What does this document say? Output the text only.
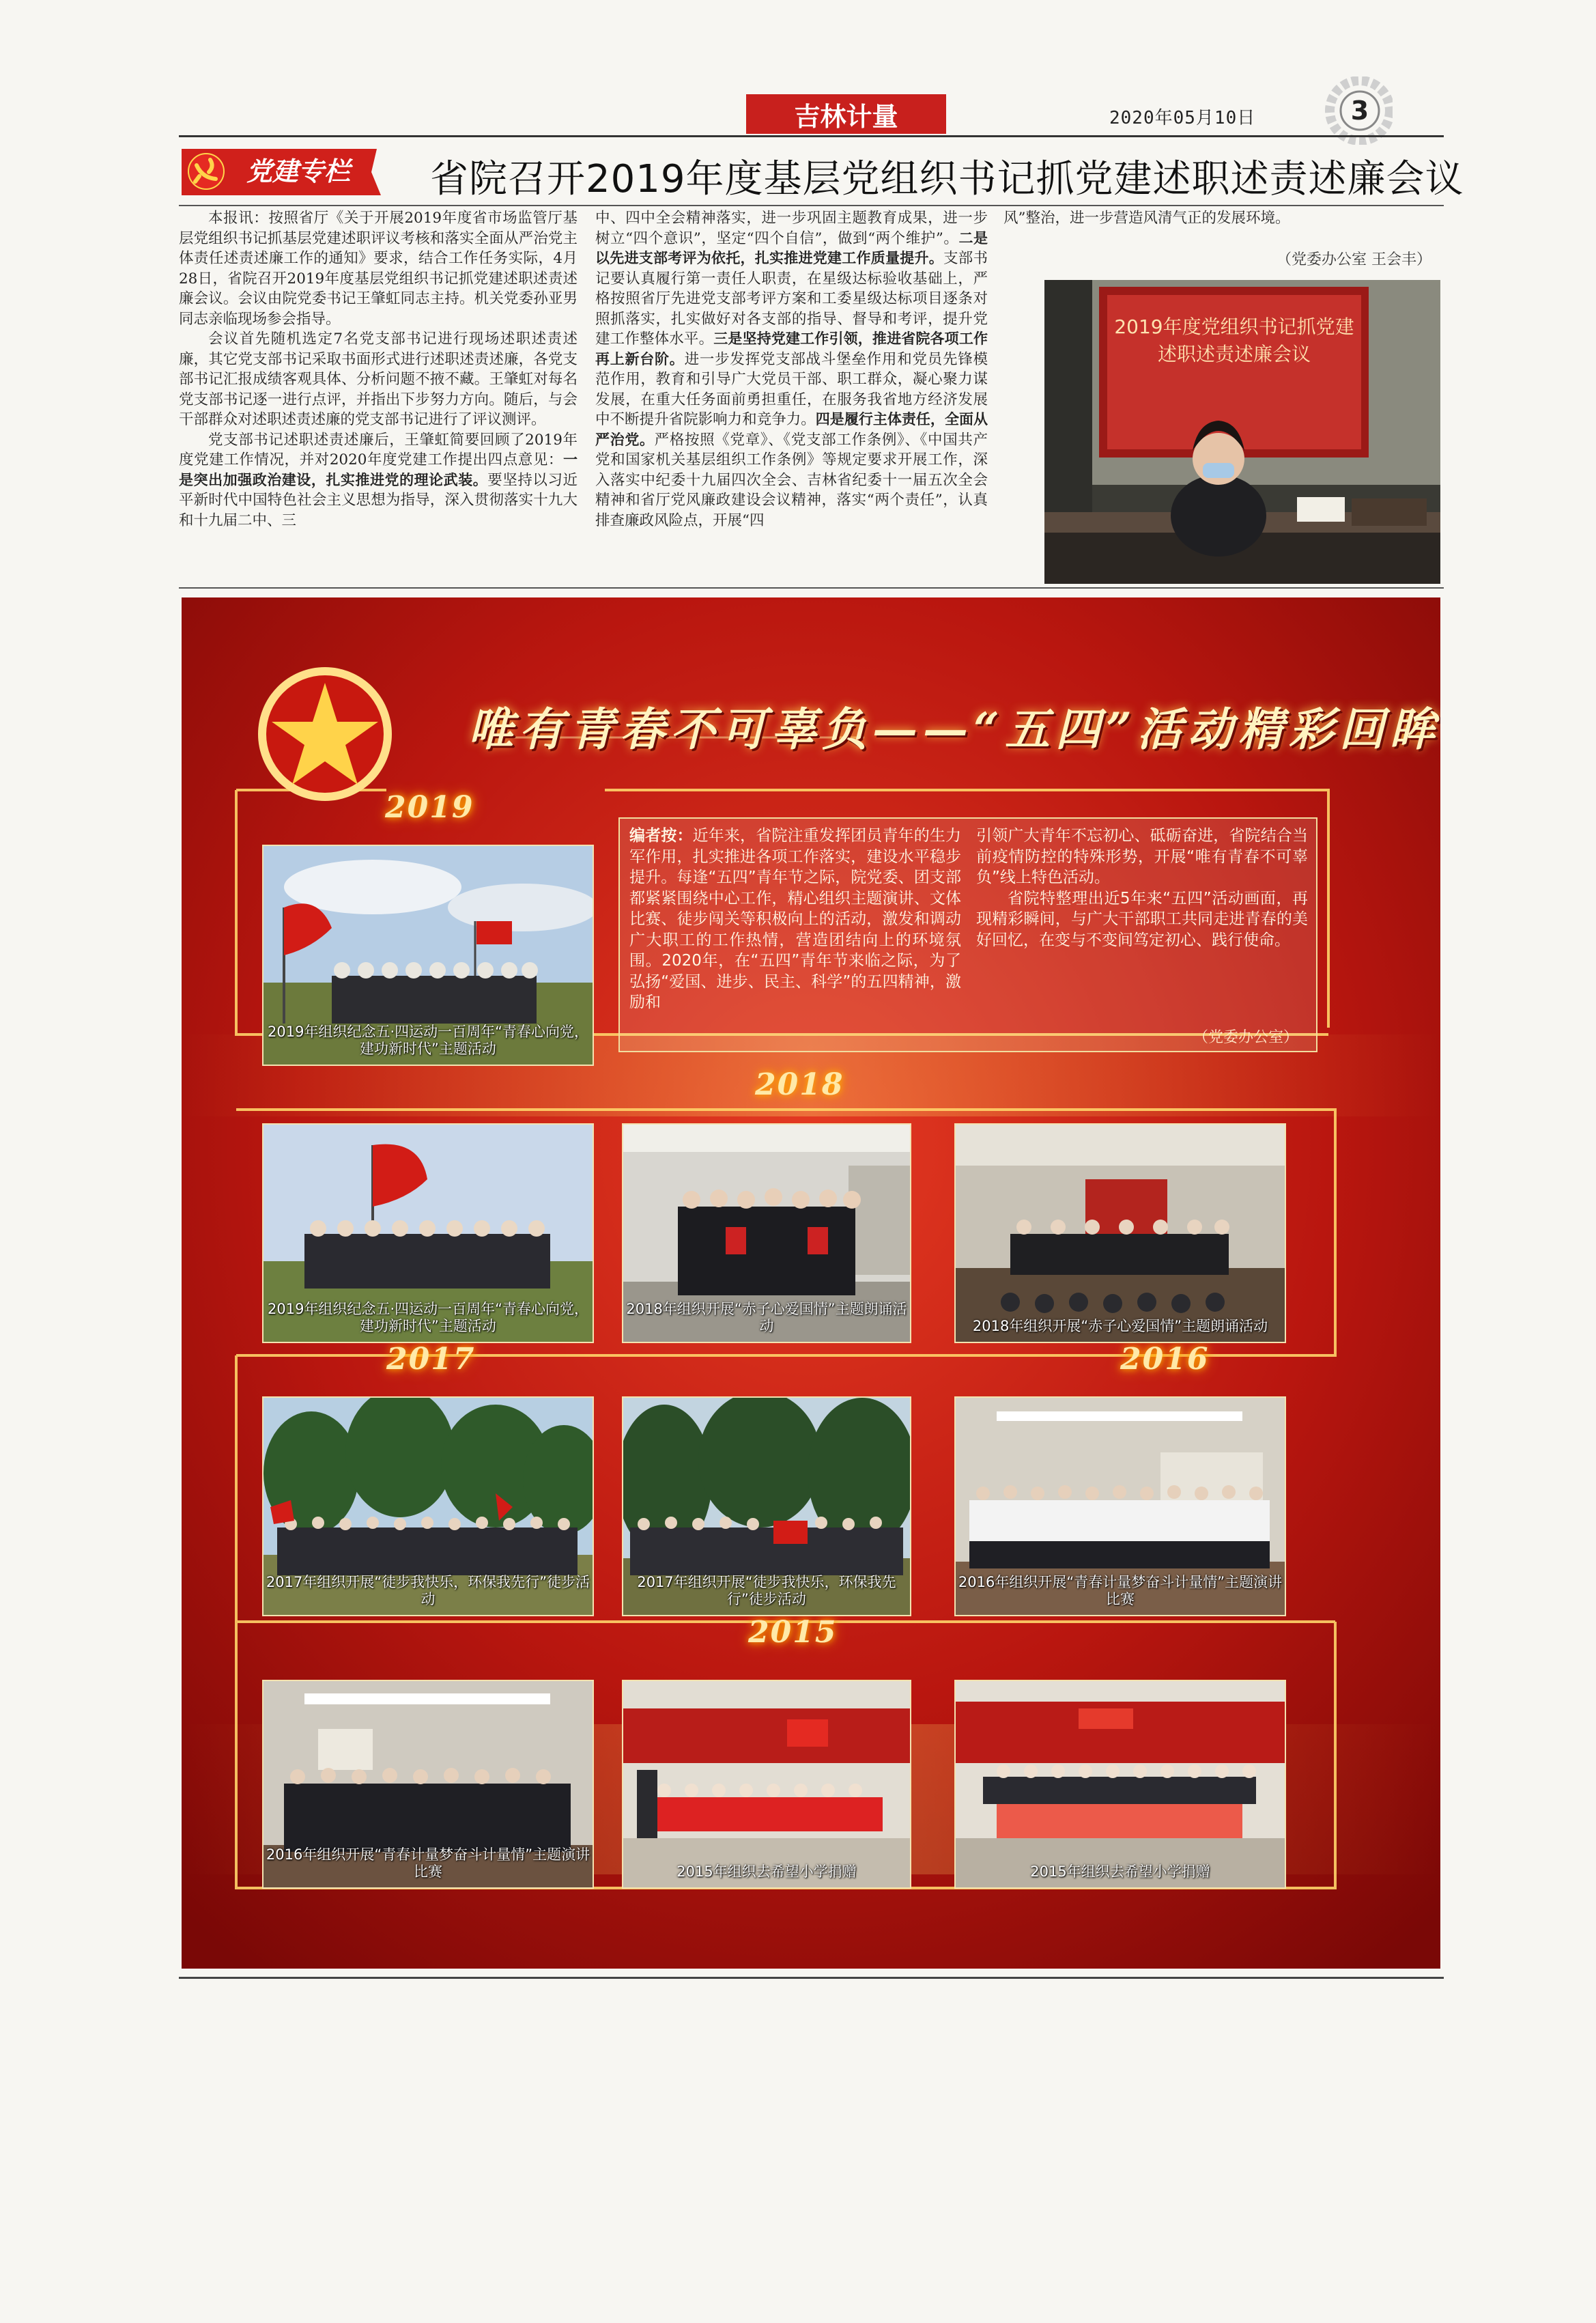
吉林计量	2020年05月10日	3
党建专栏 省院召开2019年度基层党组织书记抓党建述职述责述廉会议

本报讯：按照省厅《关于开展2019年度省市场监管厅基层党组织书记抓基层党建述职评议考核和落实全面从严治党主体责任述责述廉工作的通知》要求，结合工作任务实际，4月28日，省院召开2019年度基层党组织书记抓党建述职述责述廉会议。会议由院党委书记王肇虹同志主持。机关党委孙亚男同志亲临现场参会指导。

会议首先随机选定7名党支部书记进行现场述职述责述廉，其它党支部书记采取书面形式进行述职述责述廉，各党支部书记汇报成绩客观具体、分析问题不掖不藏。王肇虹对每名党支部书记逐一进行点评，并指出下步努力方向。随后，与会干部群众对述职述责述廉的党支部书记进行了评议测评。

党支部书记述职述责述廉后，王肇虹简要回顾了2019年度党建工作情况，并对2020年度党建工作提出四点意见：一是突出加强政治建设，扎实推进党的理论武装。要坚持以习近平新时代中国特色社会主义思想为指导，深入贯彻落实十九大和十九届二中、三

中、四中全会精神落实，进一步巩固主题教育成果，进一步树立“四个意识”，坚定“四个自信”，做到“两个维护”。二是以先进支部考评为依托，扎实推进党建工作质量提升。支部书记要认真履行第一责任人职责，在星级达标验收基础上，严格按照省厅先进党支部考评方案和工委星级达标项目逐条对照抓落实，扎实做好对各支部的指导、督导和考评，提升党建工作整体水平。三是坚持党建工作引领，推进省院各项工作再上新台阶。进一步发挥党支部战斗堡垒作用和党员先锋模范作用，教育和引导广大党员干部、职工群众，凝心聚力谋发展，在重大任务面前勇担重任，在服务我省地方经济发展中不断提升省院影响力和竞争力。四是履行主体责任，全面从严治党。严格按照《党章》、《党支部工作条例》、《中国共产党和国家机关基层组织工作条例》等规定要求开展工作，深入落实中纪委十九届四次全会、吉林省纪委十一届五次全会精神和省厅党风廉政建设会议精神，落实“两个责任”，认真排查廉政风险点，开展“四

风”整治，进一步营造风清气正的发展环境。

（党委办公室 王会丰）
2019年度党组织书记抓党建
述职述责述廉会议
唯有青春不可辜负——“五四”活动精彩回眸
2019
2018
2017	2016
2015

编者按：近年来，省院注重发挥团员青年的生力军作用，扎实推进各项工作落实，建设水平稳步提升。每逢“五四”青年节之际，院党委、团支部都紧紧围绕中心工作，精心组织主题演讲、文体比赛、徒步闯关等积极向上的活动，激发和调动广大职工的工作热情，营造团结向上的环境氛围。2020年，在“五四”青年节来临之际，为了弘扬“爱国、进步、民主、科学”的五四精神，激励和

引领广大青年不忘初心、砥砺奋进，省院结合当前疫情防控的特殊形势，开展“唯有青春不可辜负”线上特色活动。

省院特整理出近5年来“五四”活动画面，再现精彩瞬间，与广大干部职工共同走进青春的美好回忆，在变与不变间笃定初心、践行使命。

（党委办公室）
2019年组织纪念五·四运动一百周年“青春心向党，建功新时代”主题活动
2019年组织纪念五·四运动一百周年“青春心向党，建功新时代”主题活动
2018年组织开展“赤子心爱国情”主题朗诵活动	2018年组织开展“赤子心爱国情”主题朗诵活动
2017年组织开展“徒步我快乐，环保我先行”徒步活动
2017年组织开展“徒步我快乐，环保我先行”徒步活动
2016年组织开展“青春计量梦奋斗计量情”主题演讲比赛
2016年组织开展“青春计量梦奋斗计量情”主题演讲比赛	2015年组织去希望小学捐赠	2015年组织去希望小学捐赠
